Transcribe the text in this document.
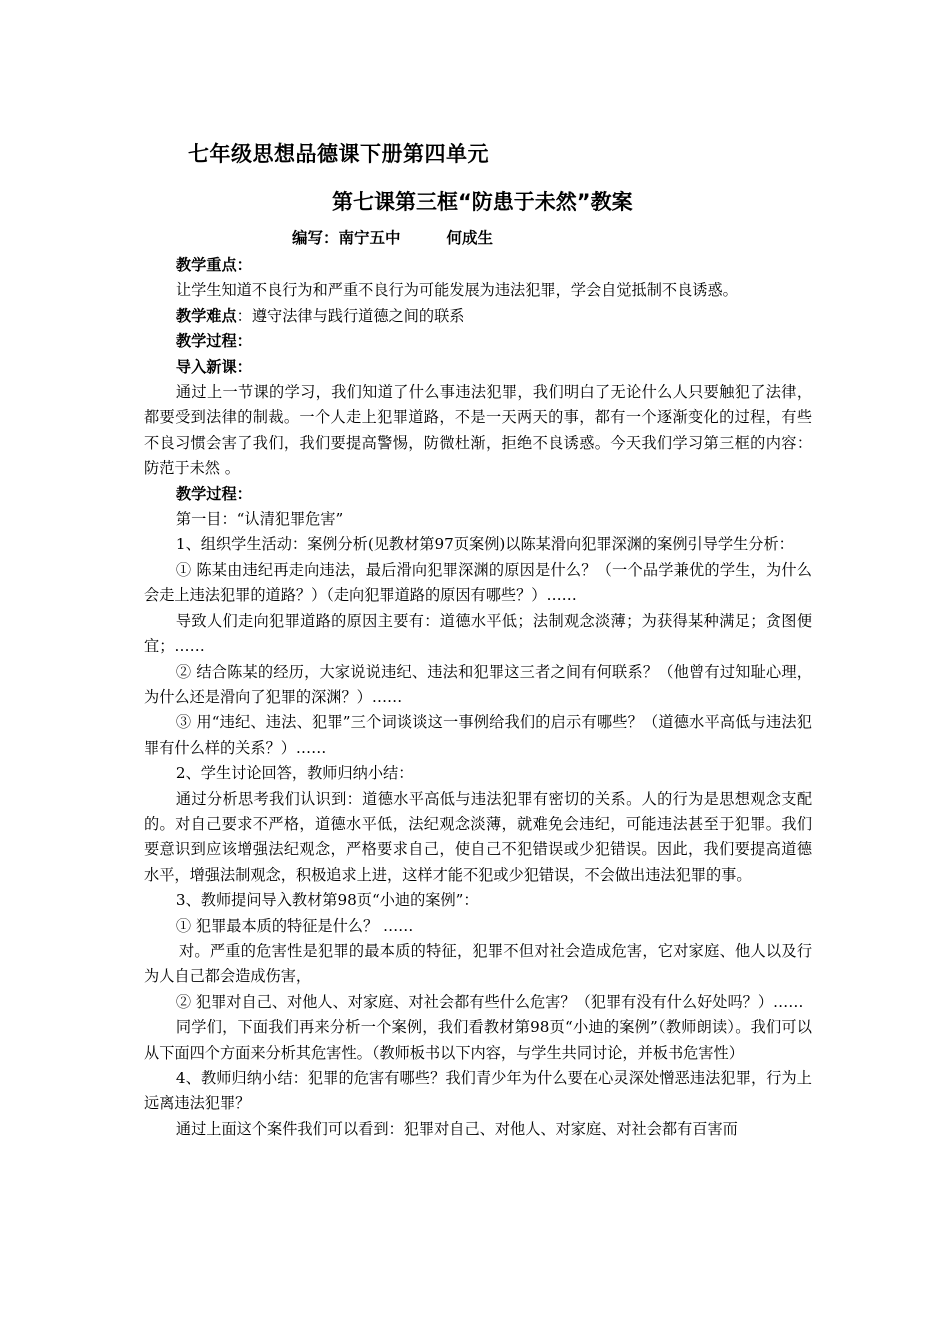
七年级思想品德课下册第四单元
第七课第三框“防患于未然”教案
编写：南宁五中	何成生

教学重点：

让学生知道不良行为和严重不良行为可能发展为违法犯罪，学会自觉抵制不良诱惑。

教学难点：遵守法律与践行道德之间的联系

教学过程：

导入新课：

通过上一节课的学习，我们知道了什么事违法犯罪，我们明白了无论什么人只要触犯了法律，都要受到法律的制裁。一个人走上犯罪道路，不是一天两天的事，都有一个逐渐变化的过程，有些不良习惯会害了我们，我们要提高警惕，防微杜渐，拒绝不良诱惑。今天我们学习第三框的内容：防范于未然 。

教学过程：

第一目：“认清犯罪危害”

1、组织学生活动：案例分析(见教材第97页案例)以陈某滑向犯罪深渊的案例引导学生分析：

① 陈某由违纪再走向违法，最后滑向犯罪深渊的原因是什么？（一个品学兼优的学生，为什么会走上违法犯罪的道路？）（走向犯罪道路的原因有哪些？）……

导致人们走向犯罪道路的原因主要有：道德水平低；法制观念淡薄；为获得某种满足；贪图便宜；……

② 结合陈某的经历，大家说说违纪、违法和犯罪这三者之间有何联系？（他曾有过知耻心理，为什么还是滑向了犯罪的深渊？）……

③ 用“违纪、违法、犯罪”三个词谈谈这一事例给我们的启示有哪些？（道德水平高低与违法犯罪有什么样的关系？）……

2、学生讨论回答，教师归纳小结：

通过分析思考我们认识到：道德水平高低与违法犯罪有密切的关系。人的行为是思想观念支配的。对自己要求不严格，道德水平低，法纪观念淡薄，就难免会违纪，可能违法甚至于犯罪。我们要意识到应该增强法纪观念，严格要求自己，使自己不犯错误或少犯错误。因此，我们要提高道德水平，增强法制观念，积极追求上进，这样才能不犯或少犯错误，不会做出违法犯罪的事。

3、教师提问导入教材第98页“小迪的案例”：

① 犯罪最本质的特征是什么？ ……

对。严重的危害性是犯罪的最本质的特征，犯罪不但对社会造成危害，它对家庭、他人以及行为人自己都会造成伤害，

② 犯罪对自己、对他人、对家庭、对社会都有些什么危害？（犯罪有没有什么好处吗？）……

同学们，下面我们再来分析一个案例，我们看教材第98页“小迪的案例”（教师朗读）。我们可以从下面四个方面来分析其危害性。（教师板书以下内容，与学生共同讨论，并板书危害性）

4、教师归纳小结：犯罪的危害有哪些？我们青少年为什么要在心灵深处憎恶违法犯罪，行为上远离违法犯罪？

通过上面这个案件我们可以看到：犯罪对自己、对他人、对家庭、对社会都有百害而
